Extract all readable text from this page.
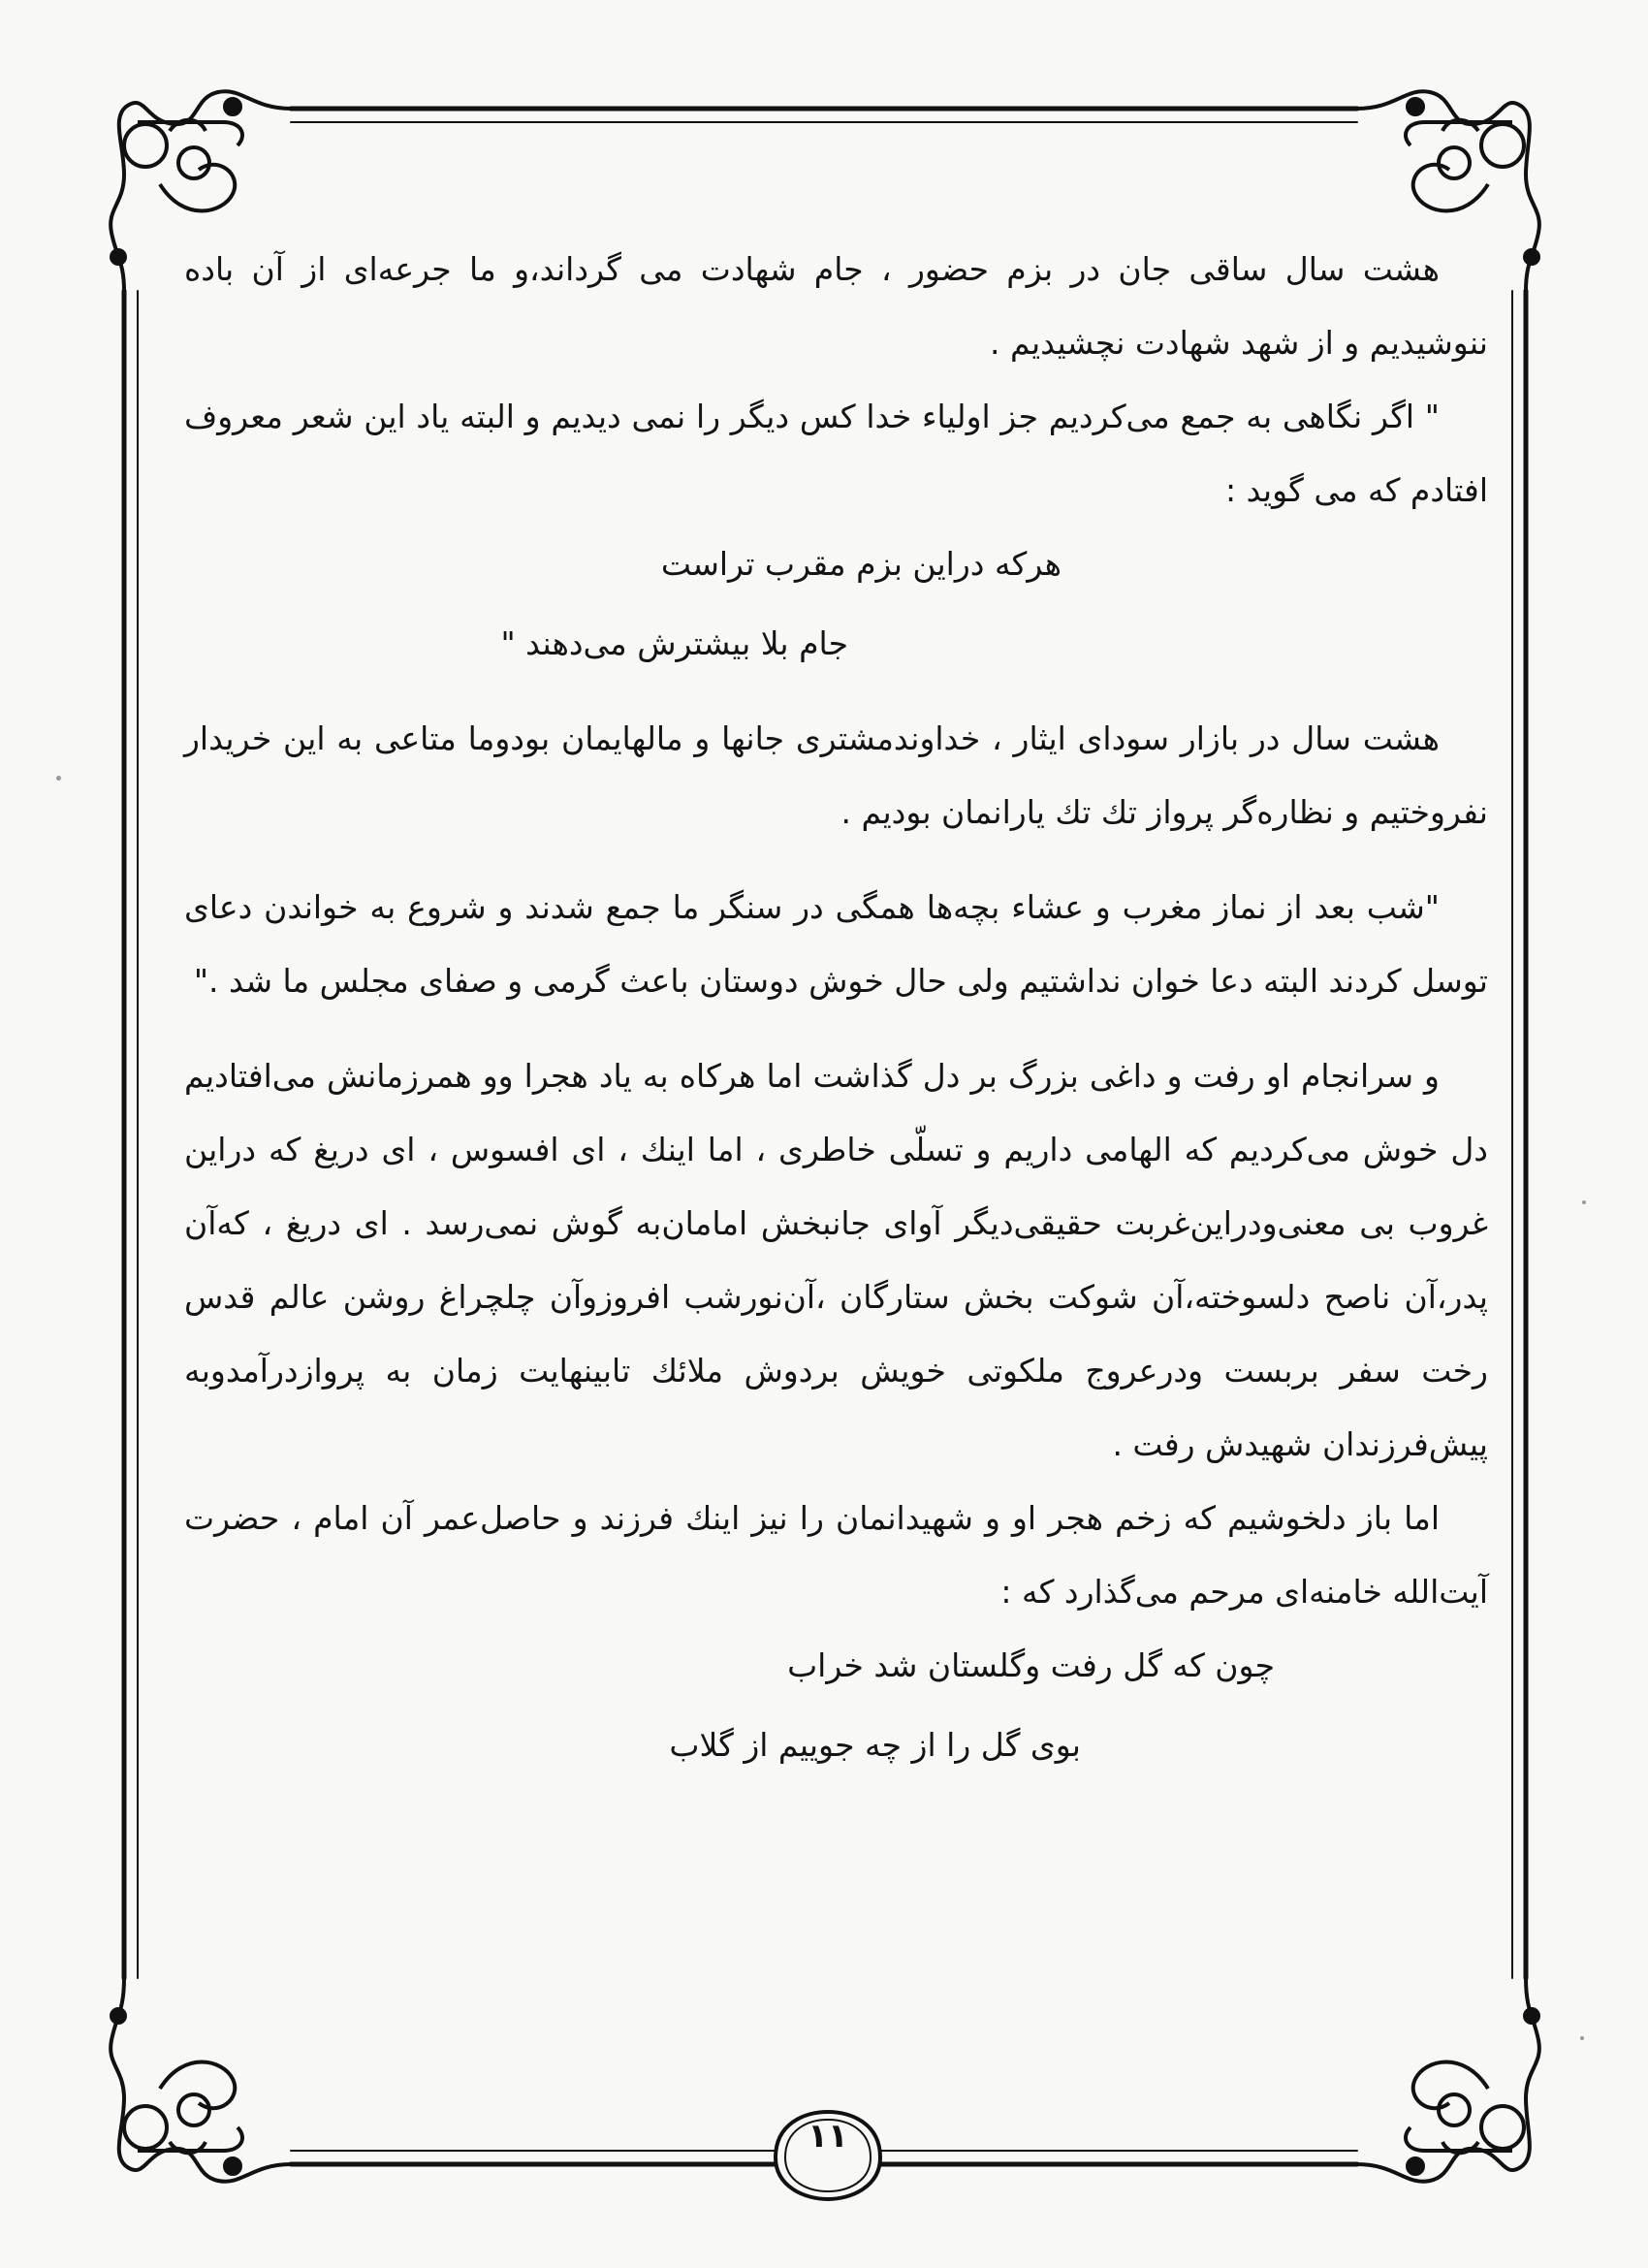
هشت سال ساقی جان در بزم حضور ، جام شهادت می گرداند،و ما جرعه‌ای از آن باده ننوشیدیم و از شهد شهادت نچشیدیم .

" اگر نگاهی به جمع می‌کردیم جز اولیاء خدا کس دیگر را نمی دیدیم و البته یاد این شعر معروف افتادم که می گوید :

هرکه دراین بزم مقرب تراست

جام بلا بیشترش می‌دهند "

هشت سال در بازار سودای ایثار ، خداوندمشتری جانها و مالهایمان بودوما متاعی به این خریدار نفروختیم و نظاره‌گر پرواز تك تك یارانمان بودیم .

"شب بعد از نماز مغرب و عشاء بچه‌ها همگی در سنگر ما جمع شدند و شروع به خواندن دعای توسل کردند البته دعا خوان نداشتیم ولی حال خوش دوستان باعث گرمی و صفای مجلس ما شد ."

و سرانجام او رفت و داغی بزرگ بر دل گذاشت اما هرکاه به یاد هجرا وو همرزمانش می‌افتادیم دل خوش می‌کردیم که الهامی داریم و تسلّی خاطری ، اما اینك ، ای افسوس ، ای دریغ که دراین غروب بی معنی‌ودراین‌غربت حقیقی‌دیگر آوای جانبخش امامان‌به گوش نمی‌رسد . ای دریغ ، که‌آن پدر،آن ناصح دلسوخته،آن شوکت بخش ستارگان ،آن‌نور‌شب افروزوآن چلچراغ روشن عالم قدس رخت سفر بربست ودرعروج ملکوتی خویش بردوش ملائك تابینهایت زمان به پروازدرآمدوبه پیش‌فرزندان شهیدش رفت .

اما باز دلخوشیم که زخم هجر او و شهیدانمان را نیز اینك فرزند و حاصل‌عمر آن امام ، حضرت آیت‌الله خامنه‌ای مرحم می‌گذارد که :

چون که گل رفت وگلستان شد خراب

بوی گل را از چه جوییم از گلاب

۱۱
